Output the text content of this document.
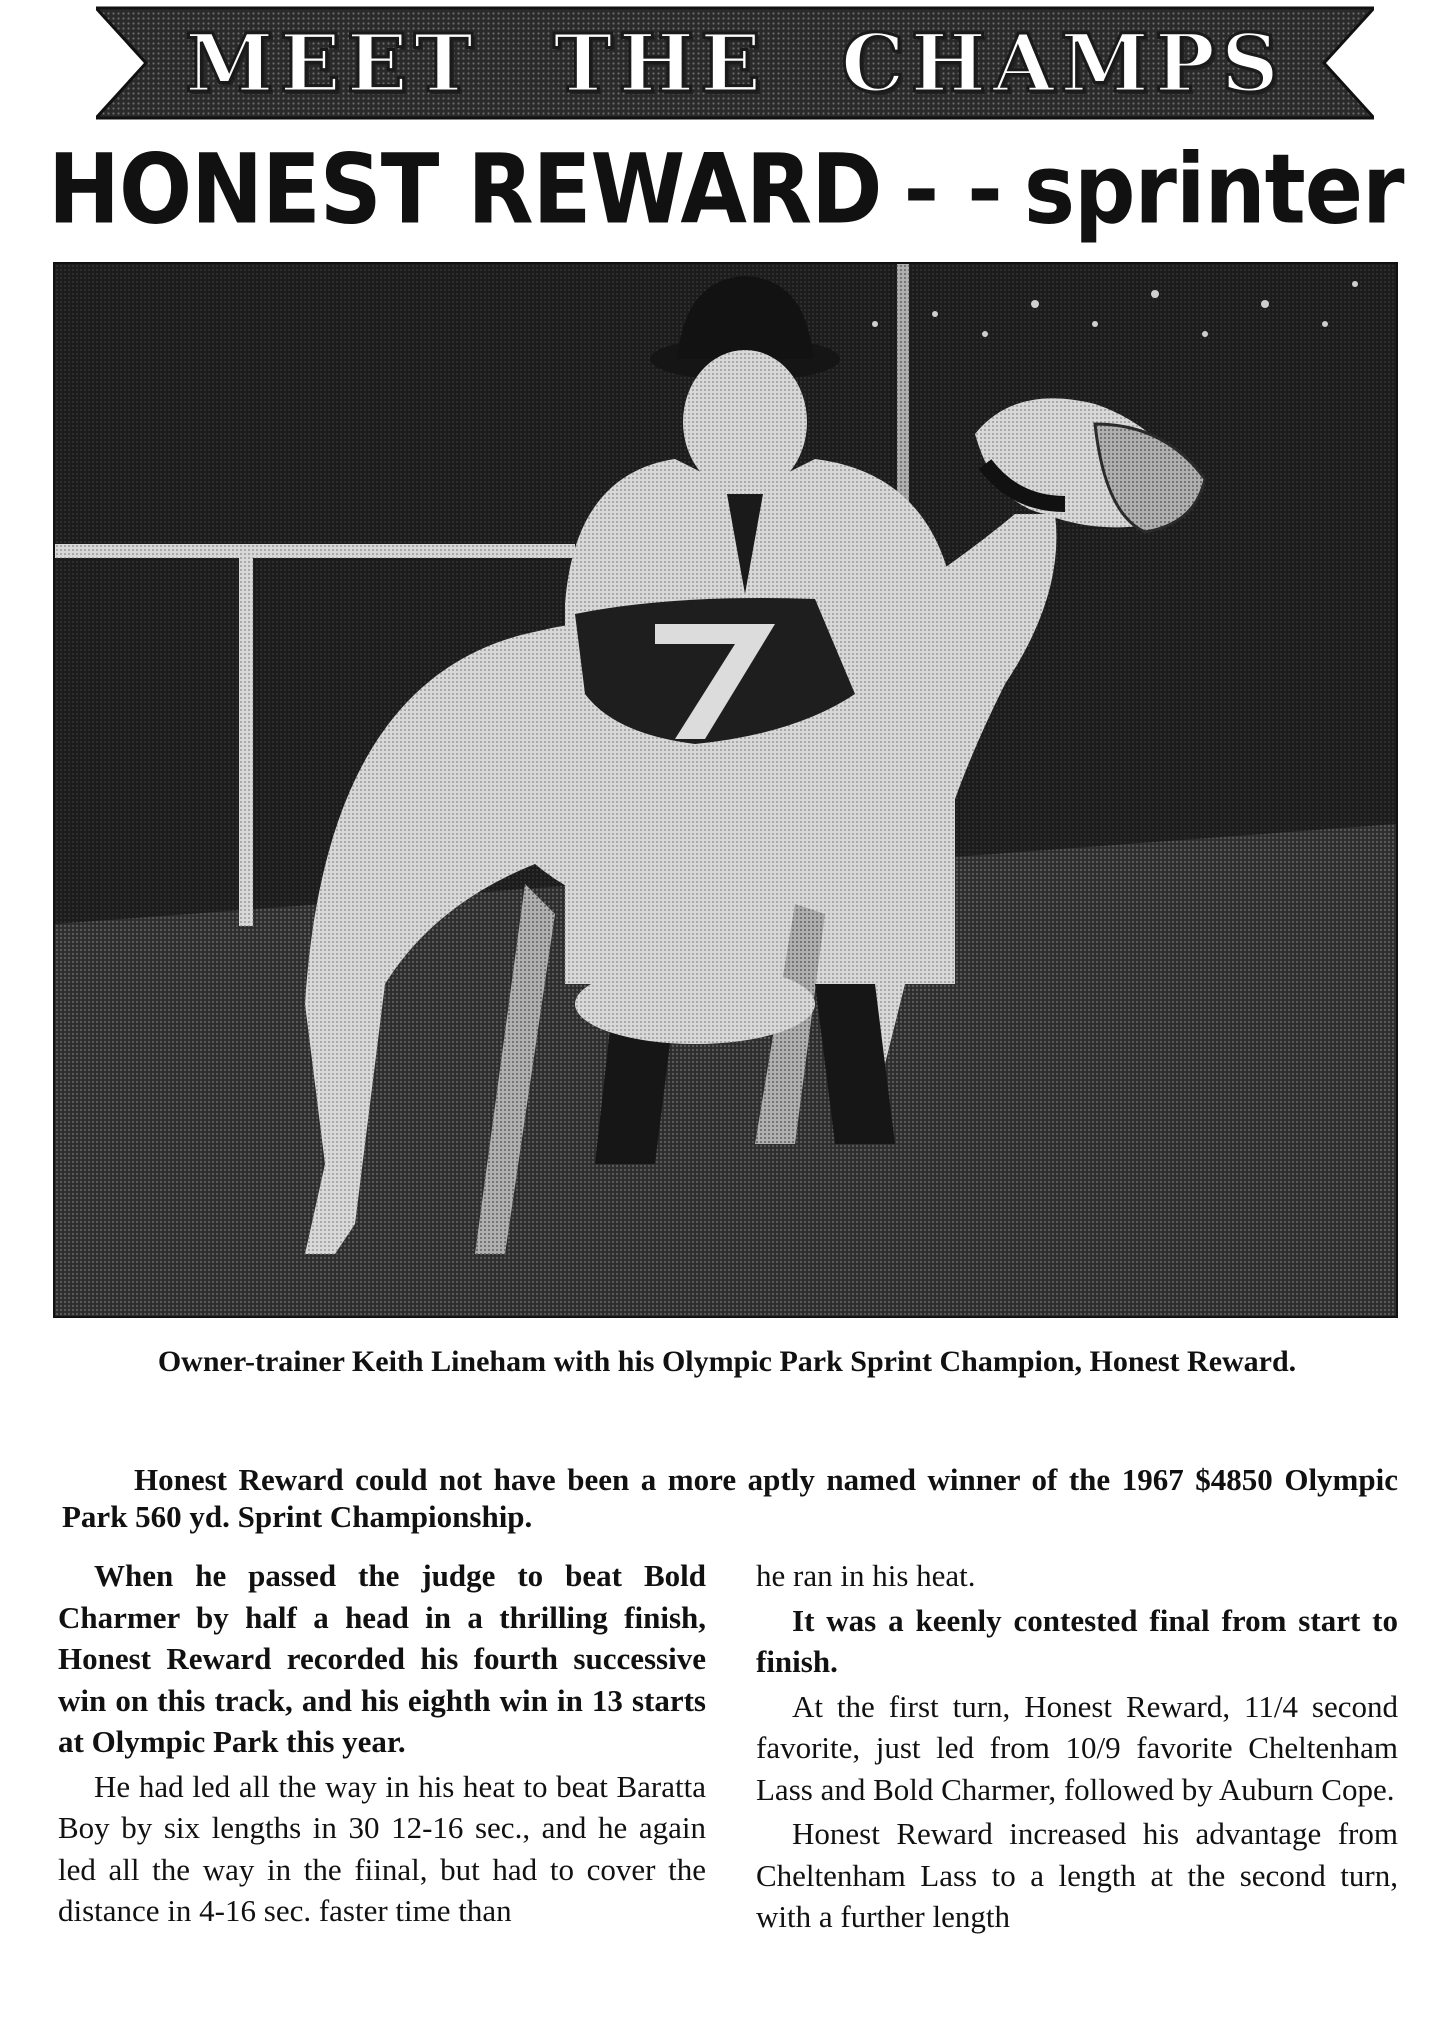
MEET THE CHAMPS
HONEST REWARD - - sprinter
Owner-trainer Keith Lineham with his Olympic Park Sprint Champion, Honest Reward.
Honest Reward could not have been a more aptly named winner of the 1967 $4850 Olympic Park 560 yd. Sprint Championship.

When he passed the judge to beat Bold Charmer by half a head in a thrilling finish, Honest Reward recorded his fourth successive win on this track, and his eighth win in 13 starts at Olympic Park this year.

He had led all the way in his heat to beat Baratta Boy by six lengths in 30 12-16 sec., and he again led all the way in the fiinal, but had to cover the distance in 4-16 sec. faster time than

he ran in his heat.

It was a keenly contested final from start to finish.

At the first turn, Honest Reward, 11/4 second favorite, just led from 10/9 favorite Cheltenham Lass and Bold Charmer, followed by Auburn Cope.

Honest Reward increased his advantage from Cheltenham Lass to a length at the second turn, with a further length
